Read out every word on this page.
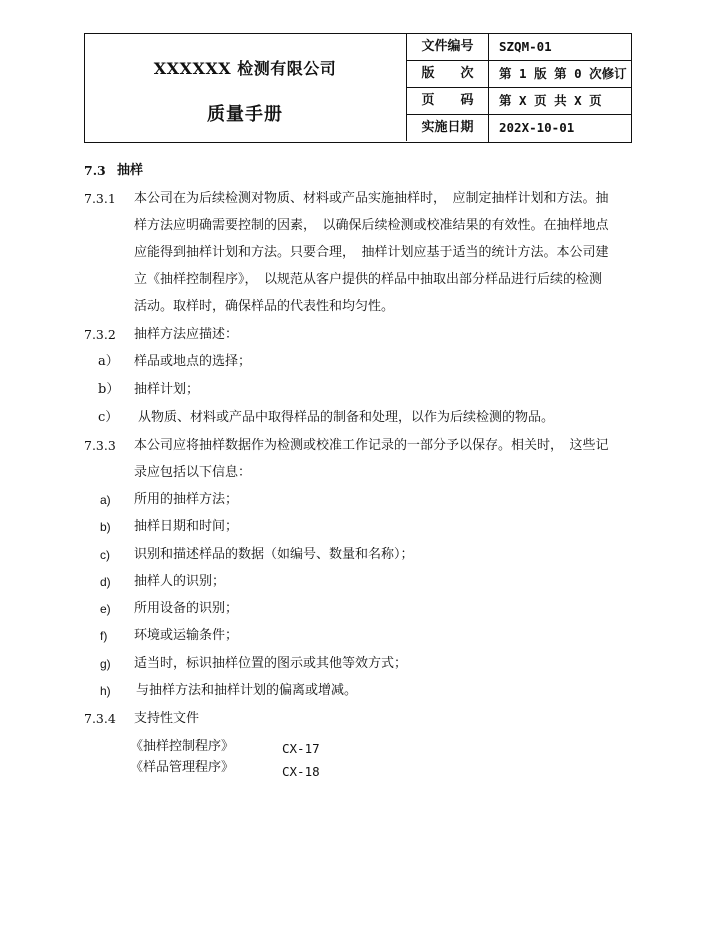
XXXXXX 检测有限公司
质量手册
文件编号	SZQM-01
版　　次	第 1 版 第 0 次修订
页　　码	第 X 页 共 X 页
实施日期	202X-10-01
7.3 抽样
7.3.1 本公司在为后续检测对物质、材料或产品实施抽样时，　应制定抽样计划和方法。抽
样方法应明确需要控制的因素，　以确保后续检测或校准结果的有效性。在抽样地点
应能得到抽样计划和方法。只要合理，　抽样计划应基于适当的统计方法。本公司建
立《抽样控制程序》，　以规范从客户提供的样品中抽取出部分样品进行后续的检测
活动。取样时，确保样品的代表性和均匀性。
7.3.2 抽样方法应描述：
a） 样品或地点的选择；
b） 抽样计划；
c） 从物质、材料或产品中取得样品的制备和处理，以作为后续检测的物品。
7.3.3 本公司应将抽样数据作为检测或校准工作记录的一部分予以保存。相关时，　这些记
录应包括以下信息：
a) 所用的抽样方法；
b) 抽样日期和时间；
c) 识别和描述样品的数据（如编号、数量和名称）；
d) 抽样人的识别；
e) 所用设备的识别；
f) 环境或运输条件；
g) 适当时，标识抽样位置的图示或其他等效方式；
h) 与抽样方法和抽样计划的偏离或增减。
7.3.4 支持性文件
《抽样控制程序》	CX-17
《样品管理程序》	CX-18
